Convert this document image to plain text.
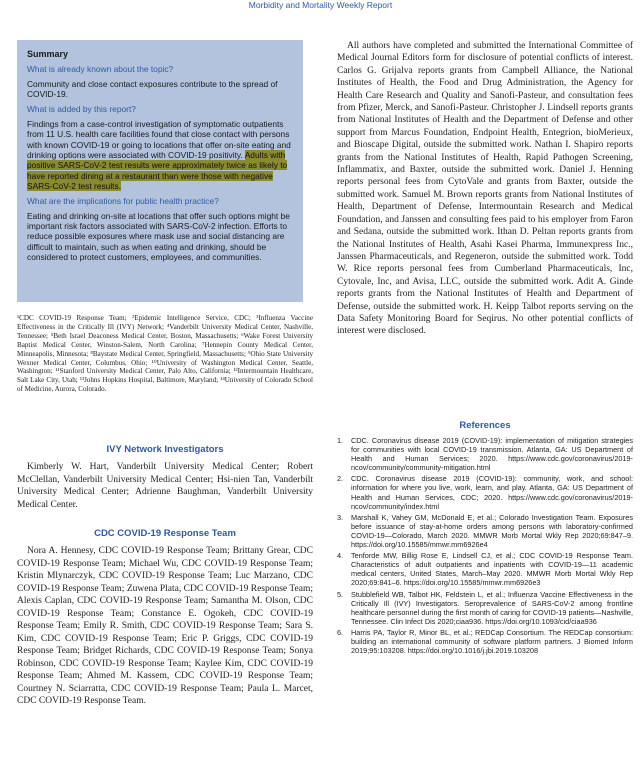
Morbidity and Mortality Weekly Report
Summary
What is already known about the topic?

Community and close contact exposures contribute to the spread of COVID-19.

What is added by this report?

Findings from a case-control investigation of symptomatic outpatients from 11 U.S. health care facilities found that close contact with persons with known COVID-19 or going to locations that offer on-site eating and drinking options were associated with COVID-19 positivity. Adults with positive SARS-CoV-2 test results were approximately twice as likely to have reported dining at a restaurant than were those with negative SARS-CoV-2 test results.

What are the implications for public health practice?

Eating and drinking on-site at locations that offer such options might be important risk factors associated with SARS-CoV-2 infection. Efforts to reduce possible exposures where mask use and social distancing are difficult to maintain, such as when eating and drinking, should be considered to protect customers, employees, and communities.

¹CDC COVID-19 Response Team; ²Epidemic Intelligence Service, CDC; ³Influenza Vaccine Effectiveness in the Critically Ill (IVY) Network; ⁴Vanderbilt University Medical Center, Nashville, Tennessee; ⁵Beth Israel Deaconess Medical Center, Boston, Massachusetts; ⁶Wake Forest University Baptist Medical Center, Winston-Salem, North Carolina; ⁷Hennepin County Medical Center, Minneapolis, Minnesota; ⁸Baystate Medical Center, Springfield, Massachusetts; ⁹Ohio State University Wexner Medical Center, Columbus, Ohio; ¹⁰University of Washington Medical Center, Seattle, Washington; ¹¹Stanford University Medical Center, Palo Alto, California; ¹²Intermountain Healthcare, Salt Lake City, Utah; ¹³Johns Hopkins Hospital, Baltimore, Maryland; ¹⁴University of Colorado School of Medicine, Aurora, Colorado.
IVY Network Investigators

Kimberly W. Hart, Vanderbilt University Medical Center; Robert McClellan, Vanderbilt University Medical Center; Hsi-nien Tan, Vanderbilt University Medical Center; Adrienne Baughman, Vanderbilt University Medical Center.

CDC COVID-19 Response Team

Nora A. Hennesy, CDC COVID-19 Response Team; Brittany Grear, CDC COVID-19 Response Team; Michael Wu, CDC COVID-19 Response Team; Kristin Mlynarczyk, CDC COVID-19 Response Team; Luc Marzano, CDC COVID-19 Response Team; Zuwena Plata, CDC COVID-19 Response Team; Alexis Caplan, CDC COVID-19 Response Team; Samantha M. Olson, CDC COVID-19 Response Team; Constance E. Ogokeh, CDC COVID-19 Response Team; Emily R. Smith, CDC COVID-19 Response Team; Sara S. Kim, CDC COVID-19 Response Team; Eric P. Griggs, CDC COVID-19 Response Team; Bridget Richards, CDC COVID-19 Response Team; Sonya Robinson, CDC COVID-19 Response Team; Kaylee Kim, CDC COVID-19 Response Team; Ahmed M. Kassem, CDC COVID-19 Response Team; Courtney N. Sciarratta, CDC COVID-19 Response Team; Paula L. Marcet, CDC COVID-19 Response Team.

All authors have completed and submitted the International Committee of Medical Journal Editors form for disclosure of potential conflicts of interest. Carlos G. Grijalva reports grants from Campbell Alliance, the National Institutes of Health, the Food and Drug Administration, the Agency for Health Care Research and Quality and Sanofi-Pasteur, and consultation fees from Pfizer, Merck, and Sanofi-Pasteur. Christopher J. Lindsell reports grants from National Institutes of Health and the Department of Defense and other support from Marcus Foundation, Endpoint Health, Entegrion, bioMerieux, and Bioscape Digital, outside the submitted work. Nathan I. Shapiro reports grants from the National Institutes of Health, Rapid Pathogen Screening, Inflammatix, and Baxter, outside the submitted work. Daniel J. Henning reports personal fees from CytoVale and grants from Baxter, outside the submitted work. Samuel M. Brown reports grants from National Institutes of Health, Department of Defense, Intermountain Research and Medical Foundation, and Janssen and consulting fees paid to his employer from Faron and Sedana, outside the submitted work. Ithan D. Peltan reports grants from the National Institutes of Health, Asahi Kasei Pharma, Immunexpress Inc., Janssen Pharmaceuticals, and Regeneron, outside the submitted work. Todd W. Rice reports personal fees from Cumberland Pharmaceuticals, Inc, Cytovale, Inc, and Avisa, LLC, outside the submitted work. Adit A. Ginde reports grants from the National Institutes of Health and Department of Defense, outside the submitted work. H. Keipp Talbot reports serving on the Data Safety Monitoring Board for Seqirus. No other potential conflicts of interest were disclosed.

References
1. CDC. Coronavirus disease 2019 (COVID-19): implementation of mitigation strategies for communities with local COVID-19 transmission. Atlanta, GA: US Department of Health and Human Services; 2020. https://www.cdc.gov/coronavirus/2019-ncov/community/community-mitigation.html
2. CDC. Coronavirus disease 2019 (COVID-19): community, work, and school: information for where you live, work, learn, and play. Atlanta, GA: US Department of Health and Human Services, CDC; 2020. https://www.cdc.gov/coronavirus/2019-ncov/community/index.html
3. Marshall K, Vahey GM, McDonald E, et al.; Colorado Investigation Team. Exposures before issuance of stay-at-home orders among persons with laboratory-confirmed COVID-19—Colorado, March 2020. MMWR Morb Mortal Wkly Rep 2020;69:847–9. https://doi.org/10.15585/mmwr.mm6926e4
4. Tenforde MW, Billig Rose E, Lindsell CJ, et al.; CDC COVID-19 Response Team. Characteristics of adult outpatients and inpatients with COVID-19—11 academic medical centers, United States, March–May 2020. MMWR Morb Mortal Wkly Rep 2020;69:841–6. https://doi.org/10.15585/mmwr.mm6926e3
5. Stubblefield WB, Talbot HK, Feldstein L, et al.; Influenza Vaccine Effectiveness in the Critically Ill (IVY) Investigators. Seroprevalence of SARS-CoV-2 among frontline healthcare personnel during the first month of caring for COVID-19 patients—Nashville, Tennessee. Clin Infect Dis 2020;ciaa936. https://doi.org/10.1093/cid/ciaa936
6. Harris PA, Taylor R, Minor BL, et al.; REDCap Consortium. The REDCap consortium: building an international community of software platform partners. J Biomed Inform 2019;95:103208. https://doi.org/10.1016/j.jbi.2019.103208
